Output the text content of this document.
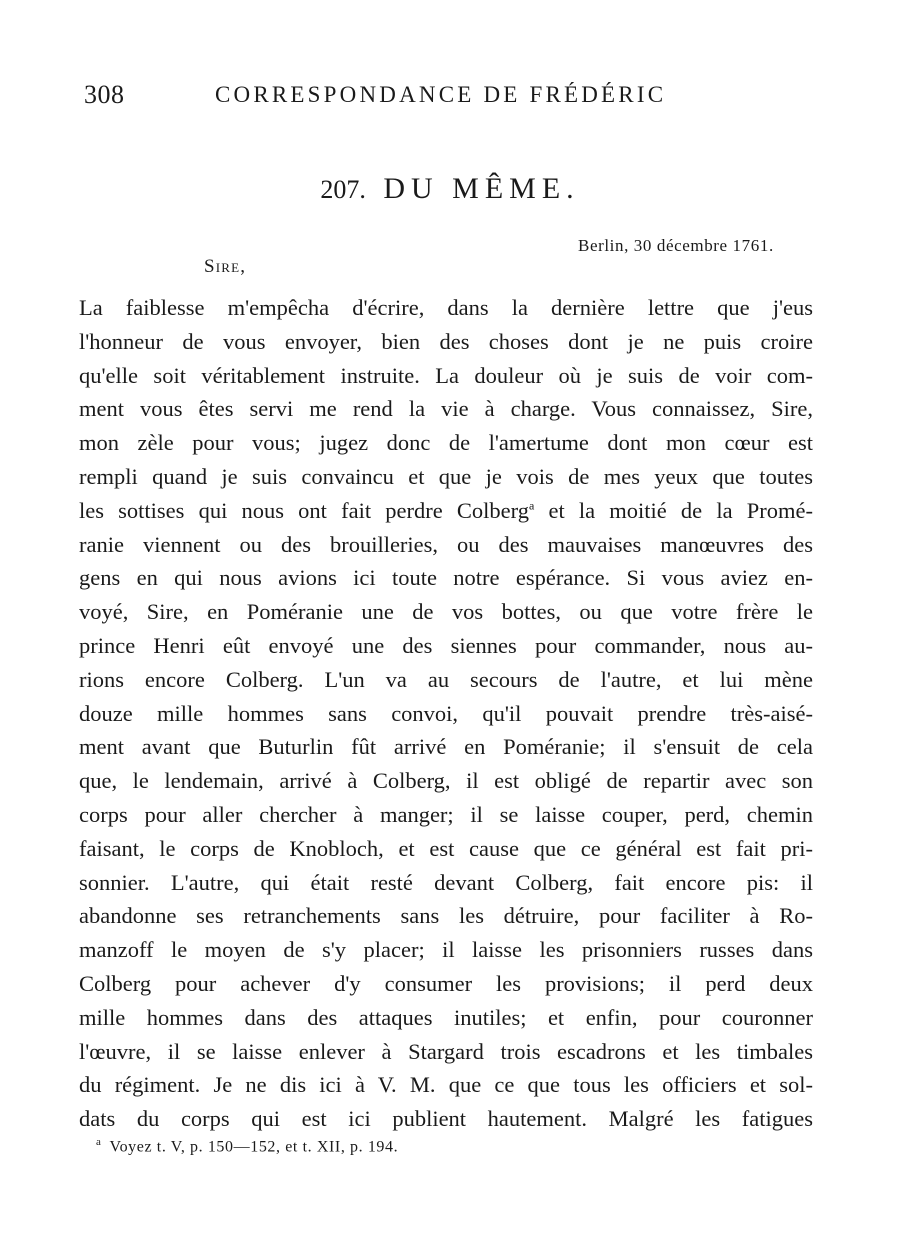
308	CORRESPONDANCE DE FRÉDÉRIC
207. DU MÊME.
Berlin, 30 décembre 1761.
Sire,
La faiblesse m'empêcha d'écrire, dans la dernière lettre que j'eus
l'honneur de vous envoyer, bien des choses dont je ne puis croire
qu'elle soit véritablement instruite. La douleur où je suis de voir com-
ment vous êtes servi me rend la vie à charge. Vous connaissez, Sire,
mon zèle pour vous; jugez donc de l'amertume dont mon cœur est
rempli quand je suis convaincu et que je vois de mes yeux que toutes
les sottises qui nous ont fait perdre Colberg$^a$ et la moitié de la Promé-
ranie viennent ou des brouilleries, ou des mauvaises manœuvres des
gens en qui nous avions ici toute notre espérance. Si vous aviez en-
voyé, Sire, en Poméranie une de vos bottes, ou que votre frère le
prince Henri eût envoyé une des siennes pour commander, nous au-
rions encore Colberg. L'un va au secours de l'autre, et lui mène
douze mille hommes sans convoi, qu'il pouvait prendre très-aisé-
ment avant que Buturlin fût arrivé en Poméranie; il s'ensuit de cela
que, le lendemain, arrivé à Colberg, il est obligé de repartir avec son
corps pour aller chercher à manger; il se laisse couper, perd, chemin
faisant, le corps de Knobloch, et est cause que ce général est fait pri-
sonnier. L'autre, qui était resté devant Colberg, fait encore pis: il
abandonne ses retranchements sans les détruire, pour faciliter à Ro-
manzoff le moyen de s'y placer; il laisse les prisonniers russes dans
Colberg pour achever d'y consumer les provisions; il perd deux
mille hommes dans des attaques inutiles; et enfin, pour couronner
l'œuvre, il se laisse enlever à Stargard trois escadrons et les timbales
du régiment. Je ne dis ici à V. M. que ce que tous les officiers et sol-
dats du corps qui est ici publient hautement. Malgré les fatigues
$^a$ Voyez t. V, p. 150—152, et t. XII, p. 194.
